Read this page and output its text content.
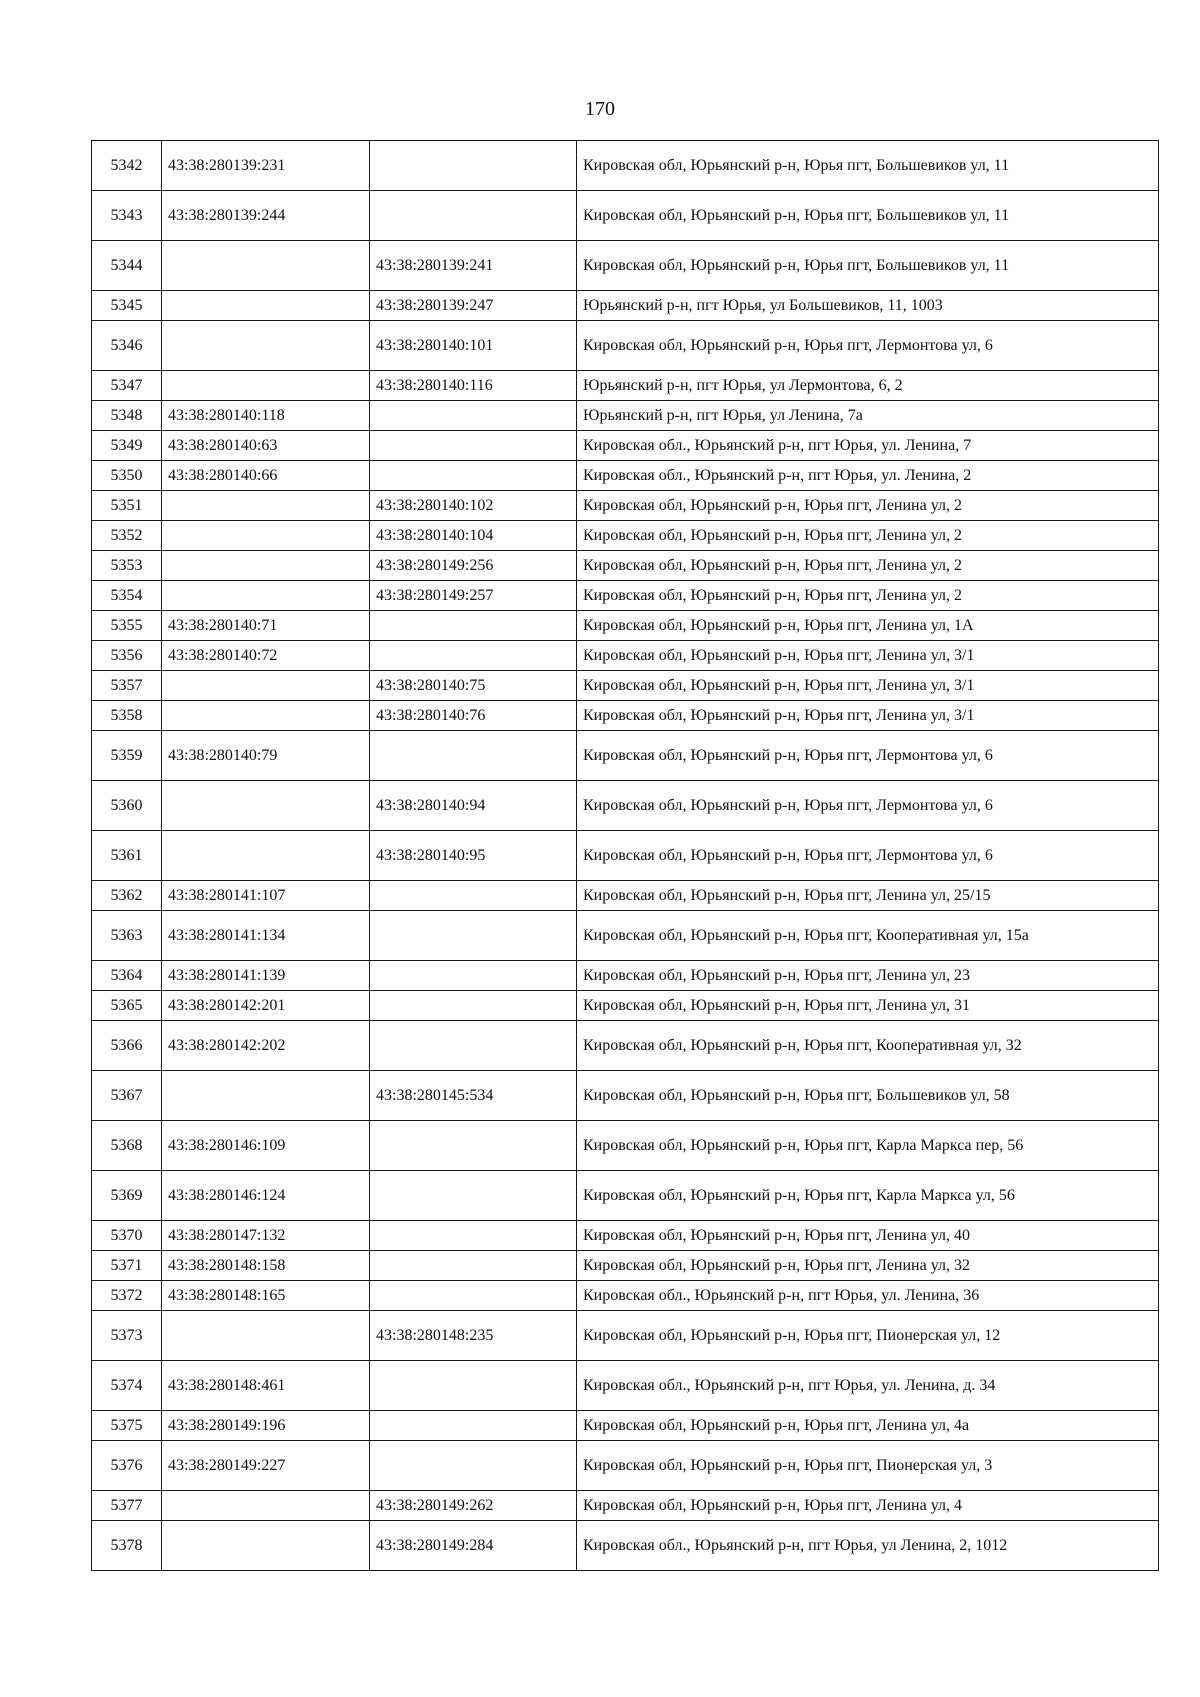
170
5342	43:38:280139:231		Кировская обл, Юрьянский р-н, Юрья пгт, Большевиков ул, 11
5343	43:38:280139:244		Кировская обл, Юрьянский р-н, Юрья пгт, Большевиков ул, 11
5344		43:38:280139:241	Кировская обл, Юрьянский р-н, Юрья пгт, Большевиков ул, 11
5345		43:38:280139:247	Юрьянский р-н, пгт Юрья, ул Большевиков, 11, 1003
5346		43:38:280140:101	Кировская обл, Юрьянский р-н, Юрья пгт, Лермонтова ул, 6
5347		43:38:280140:116	Юрьянский р-н, пгт Юрья, ул Лермонтова, 6, 2
5348	43:38:280140:118		Юрьянский р-н, пгт Юрья, ул Ленина, 7а
5349	43:38:280140:63		Кировская обл., Юрьянский р-н, пгт Юрья, ул. Ленина, 7
5350	43:38:280140:66		Кировская обл., Юрьянский р-н, пгт Юрья, ул. Ленина, 2
5351		43:38:280140:102	Кировская обл, Юрьянский р-н, Юрья пгт, Ленина ул, 2
5352		43:38:280140:104	Кировская обл, Юрьянский р-н, Юрья пгт, Ленина ул, 2
5353		43:38:280149:256	Кировская обл, Юрьянский р-н, Юрья пгт, Ленина ул, 2
5354		43:38:280149:257	Кировская обл, Юрьянский р-н, Юрья пгт, Ленина ул, 2
5355	43:38:280140:71		Кировская обл, Юрьянский р-н, Юрья пгт, Ленина ул, 1А
5356	43:38:280140:72		Кировская обл, Юрьянский р-н, Юрья пгт, Ленина ул, 3/1
5357		43:38:280140:75	Кировская обл, Юрьянский р-н, Юрья пгт, Ленина ул, 3/1
5358		43:38:280140:76	Кировская обл, Юрьянский р-н, Юрья пгт, Ленина ул, 3/1
5359	43:38:280140:79		Кировская обл, Юрьянский р-н, Юрья пгт, Лермонтова ул, 6
5360		43:38:280140:94	Кировская обл, Юрьянский р-н, Юрья пгт, Лермонтова ул, 6
5361		43:38:280140:95	Кировская обл, Юрьянский р-н, Юрья пгт, Лермонтова ул, 6
5362	43:38:280141:107		Кировская обл, Юрьянский р-н, Юрья пгт, Ленина ул, 25/15
5363	43:38:280141:134		Кировская обл, Юрьянский р-н, Юрья пгт, Кооперативная ул, 15а
5364	43:38:280141:139		Кировская обл, Юрьянский р-н, Юрья пгт, Ленина ул, 23
5365	43:38:280142:201		Кировская обл, Юрьянский р-н, Юрья пгт, Ленина ул, 31
5366	43:38:280142:202		Кировская обл, Юрьянский р-н, Юрья пгт, Кооперативная ул, 32
5367		43:38:280145:534	Кировская обл, Юрьянский р-н, Юрья пгт, Большевиков ул, 58
5368	43:38:280146:109		Кировская обл, Юрьянский р-н, Юрья пгт, Карла Маркса пер, 56
5369	43:38:280146:124		Кировская обл, Юрьянский р-н, Юрья пгт, Карла Маркса ул, 56
5370	43:38:280147:132		Кировская обл, Юрьянский р-н, Юрья пгт, Ленина ул, 40
5371	43:38:280148:158		Кировская обл, Юрьянский р-н, Юрья пгт, Ленина ул, 32
5372	43:38:280148:165		Кировская обл., Юрьянский р-н, пгт Юрья, ул. Ленина, 36
5373		43:38:280148:235	Кировская обл, Юрьянский р-н, Юрья пгт, Пионерская ул, 12
5374	43:38:280148:461		Кировская обл., Юрьянский р-н, пгт Юрья, ул. Ленина, д. 34
5375	43:38:280149:196		Кировская обл, Юрьянский р-н, Юрья пгт, Ленина ул, 4а
5376	43:38:280149:227		Кировская обл, Юрьянский р-н, Юрья пгт, Пионерская ул, 3
5377		43:38:280149:262	Кировская обл, Юрьянский р-н, Юрья пгт, Ленина ул, 4
5378		43:38:280149:284	Кировская обл., Юрьянский р-н, пгт Юрья, ул Ленина, 2, 1012
